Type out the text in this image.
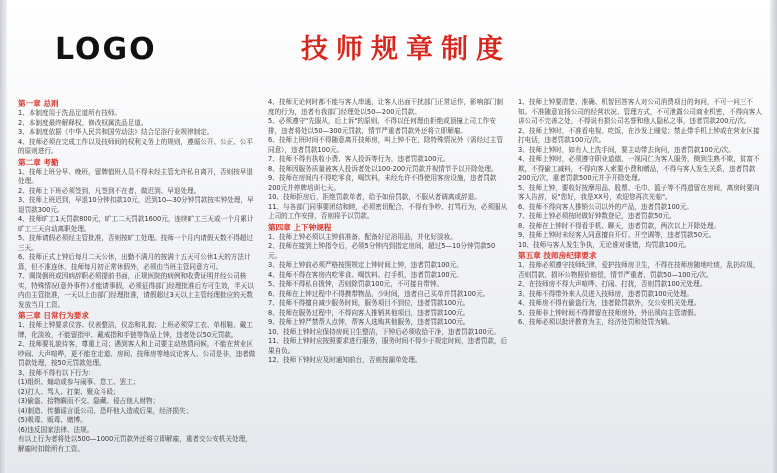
LOGO	技师规章制度

第一章 总则

1、本制度用于洗品足道所有技师。

2、本制度最终解释权、修改权属洗品足道。

3、本制度依据《中华人民共和国劳动法》结合足浴行业规律制定。

4、技师必须在完成工作以及技师间的权利义务上的规则，遵循公开、公正、公平的原则进行。

第二章 考勤

1、技师上班分早、晚班，留牌值班人员不得未经主管允许私自离开，否则按早退处理。

2、技师上下班必须签到，凡签到不在者，做迟到、早退处理。

3、技师上班迟到，早退10分钟扣款10元，迟到10—30分钟罚款按实钟处理，早退罚款300元。

4、技师旷工1天罚款800元，旷工二天罚款1600元，连续旷工三天或一个月累计旷工三天自动离职处理。

5、技师请假必须经主管批准，否则按旷工处理。技师一个月内请假天数不得超过三天。

6、技师正式上钟后每月二天公休，出勤不满月的按满十五天可公休1天的方法计算，但不准连休，技师每月初正常休假外，必须由当班主管同意方可。

7、调岗倒班或因病辞职必须提前书面，正规医院的病例和收费证明并经公司核实，特殊情况(意外事件)才能请事假，必须征得部门经理批准后方可生效，半天以内由主管批准，一天以上由部门经理批准，请假超过3天以上主管经理批应的天数发放当月工资。

第三章 日常行为要求

1、技师上钟要求仪容、仪表整洁，仪态和礼貌；上班必须穿工衣、单根鞋、戴工牌，化淡妆，不能留指甲、戴戒指和手链等饰品上钟，违者处以50元罚款。

2、技师要礼貌待客，尊重上司；遇到客人和上司要主动热情问候，不能在营业区吵闹、大声喧哗，更不能在走道、房间、技师房等地议论客人、公司是非，违者做罚款处理，按50元罚款处理。

3、技师不得有以下行为：

(1)组织、煽动或参与闹事、怠工、罢工；

(2)打人、骂人、打架、聚众斗殴；

(3)偷盗、拾物瞒而不交、隐藏、侵占他人财物；

(4)制造、传播谣言诋公司、恐吓他人造成后果，经济损失；

(5)吸毒、贩毒、赌博。

(6)违反国家法律、法规。

有以上行为者将处以500—1000元罚款外还将立即解雇，重者交公安机关处理，解雇时扣除所有工资。

4、技师无论何时都不能与客人串通，让客人出面干扰部门正常运作，影响部门制度的行为，违者有我部门经理处以50—200元罚款。

5、必须遵守"先服从，后上诉"的原则，不得以任何理由拒绝或顶撞上司工作安排，违者将处以50—300元罚款，情节严重者罚款外还将立即解雇。

6、技师上班时间不得随意离开技师房，叫上钟不在，除特殊情况外（需经过主管同意），违者罚款100元。

7、技师不得有执收小费、客人投诉等行为，违者罚款100元。

8、技师因服务质量被客人投诉者处以100-200元罚款并视情节予以开除处理。

9、技师在房间内不得吃零食，喝饮料，未经允许不得使用客房设施，违者罚款200元并停牌培训七天。

10、技师拒房后，拒绝罚款单者，给予如倍罚款，不服从者调离或辞退。

11、与各部门同事要团结和睦，必须密切配合，不得有争吵、打骂行为，必须服从上司的工作安排，否则将予以罚款。

第四章 上下钟规程

1、技师上钟必须以主钟前准备，配备好足浴用品，并化好淡妆。

2、技师在接到上钟指令后，必须5分钟内到指定房间，超过5—10分钟罚款50元。

3、技师上钟前必须严格按照规定上钟时间上钟，违者罚款100元。

4、技师不得在客房内吃零食、喝饮料、打手机，违者罚款100元。

5、技师不得私自拨钟，否则除罚款100元，不可接自带钟。

6、技师在上钟过程中不得携带物品，少时间，违者自己买单并罚款100元。

7、技师不得擅自减少服务时间，服务项目不到位，违者罚款100元。

8、技师在服务过程中，不得向客人推销其他项目，违者罚款100元。

9、技师上钟严禁帮人点钟，帮客人选购其他服务，违者罚款100元。

10、技师上钟时应保持房间卫生整洁，下钟后必须收拾干净，违者罚款100元。

11、技师上钟时应按照要求进行服务，服务时间不得少于规定时间，违者罚款，后果自负。

12、技师下钟时应及时通知前台，否则按漏单处理。

1、技师上钟要清楚、准确、机智回答客人对公司消费项目的询问，不可一问三不知。不准随意宣扬公司的经营状况、管理方式，不可泄露公司商业机密，不得向客人讲公司不完善之处，不得说有损公司名誉和他人隐私之事，违者罚款200元/次。

2、技师上钟时，不准看电视、吃饭、在沙发上睡觉；禁止带手机上钟或在营业区接打电话，违者罚款100元/次。

3、技师上钟时，如有人上洗手间，要主动带去询问，违者罚款100元/次。

4、技师上钟时，必须遵守职业道德，一视同仁为客人服务，侧到生熟不欺，贫富不欺，不得偷工减料，不得向客人索要小费和赠品，不得与客人发生关系，违者罚款200元/次，重者罚款500元并予开除处理。

5、技师上钟，要收好按摩用品、股票、毛巾、篮子等不得遗留在房间，离房时要向客人告辞，说"您好，我是XX号，欢迎您再次光临"。

6、技师不得向客人推销公司以外的产品，违者罚款100元。

7、技师上钟必须按时做好钟数登记，违者罚款50元。

8、技师在上钟时不得看手机、聊天，违者罚款，两次以上开除处理。

9、技师上钟时未经客人同意擅自开灯、开空调等，违者罚款50元。

10、技师与客人发生争执，无论谁对谁错，均罚款100元。

第五章 技师房纪律要求

1、技师必须遵守技师纪律，爱护技师房卫生，不得在技师房随地吐痰，乱扔垃圾，否则罚款，损坏公物照价赔偿，情节严重者，罚款50—100元/次。

2、在技师房不得大声喧哗、打闹、打扰，否则罚款100元处理。

3、技师不得带外来人员进入技师房，违者罚款100元处理。

4、技师房不得有偷盗行为，违者除罚款外，交公安机关处理。

5、技师非上钟时间不得滞留在技师房外，外出须向主管请假。

6、技师必须以批评教育为主，经济处罚和处罚为辅。
